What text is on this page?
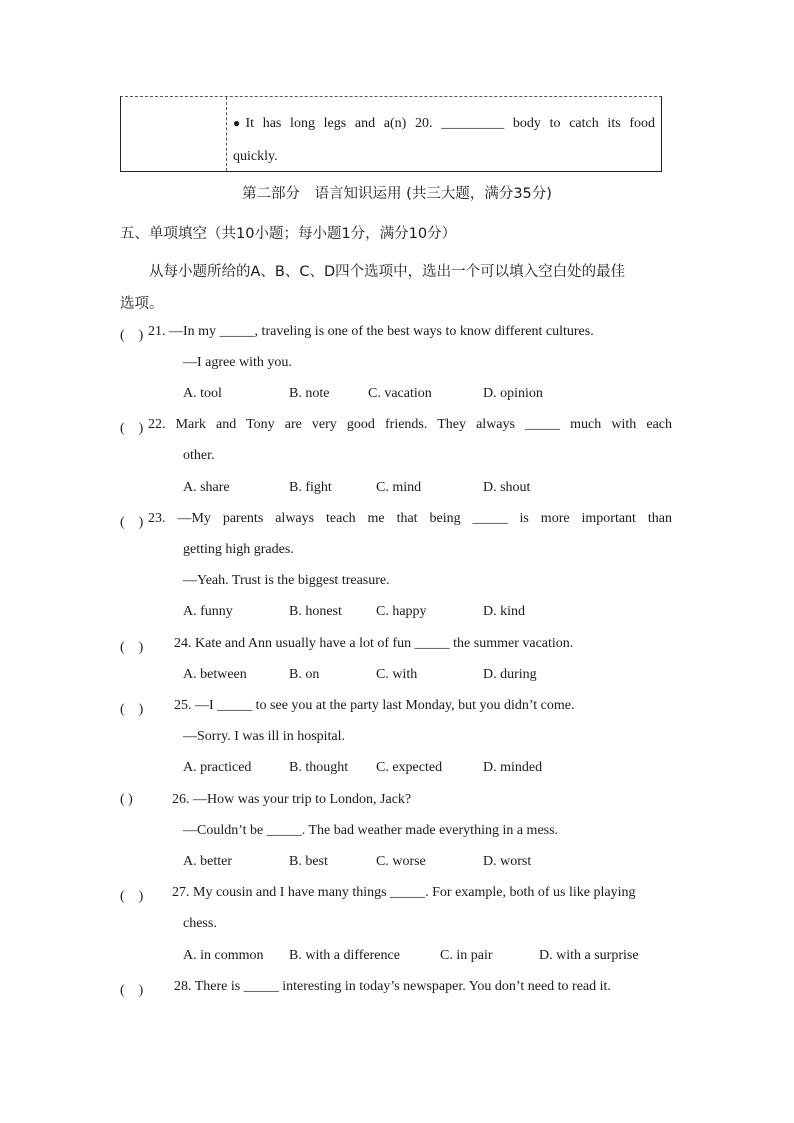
●It has long legs and a(n) 20. _________ body to catch its food
quickly.
第二部分　语言知识运用 (共三大题，满分35分)
五、单项填空（共10小题；每小题1分，满分10分）
从每小题所给的A、B、C、D四个选项中，选出一个可以填入空白处的最佳
选项。
(　) 21. —In my _____, traveling is one of the best ways to know different cultures.
—I agree with you.
A. tool	B. note	C. vacation	D. opinion
(　) 22. Mark and Tony are very good friends. They always _____ much with each
other.
A. share	B. fight	C. mind	D. shout
(　) 23. —My parents always teach me that being _____ is more important than
getting high grades.
—Yeah. Trust is the biggest treasure.
A. funny	B. honest C. happy	D. kind
(　) 24. Kate and Ann usually have a lot of fun _____ the summer vacation.
A. between	B. on	C. with	D. during
(　) 25. —I _____ to see you at the party last Monday, but you didn’t come.
—Sorry. I was ill in hospital.
A. practiced	B. thought C. expected	D. minded
( )	26. —How was your trip to London, Jack?
—Couldn’t be _____. The bad weather made everything in a mess.
A. better	B. best	C. worse	D. worst
(　) 27. My cousin and I have many things _____. For example, both of us like playing
chess.
A. in common B. with a difference	C. in pair	D. with a surprise
(　) 28. There is _____ interesting in today’s newspaper. You don’t need to read it.
